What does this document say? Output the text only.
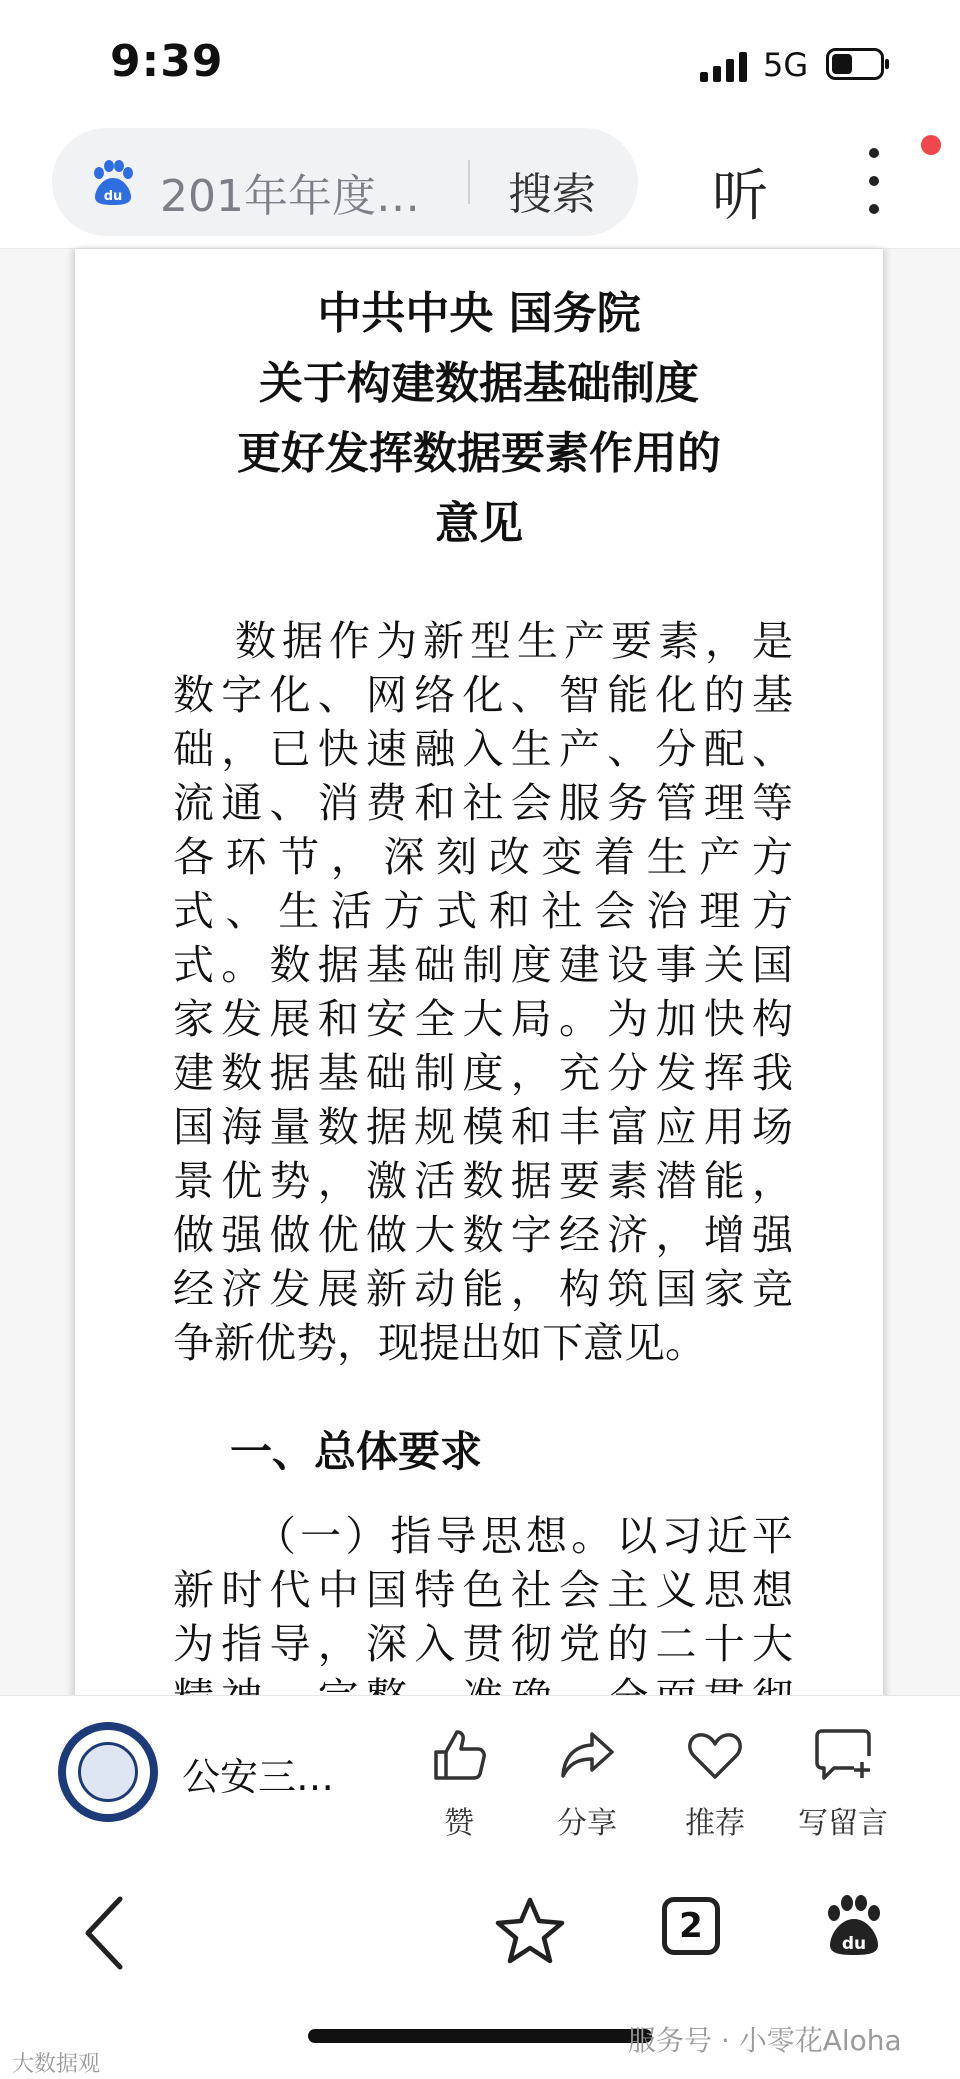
9:39	5G
du 201年年度… 搜索 听
中共中央 国务院
关于构建数据基础制度
更好发挥数据要素作用的
意见
数 据 作 为 新 型 生 产 要 素 ， 是
数 字 化 、 网 络 化 、 智 能 化 的 基
础 ， 已 快 速 融 入 生 产 、 分 配 、
流 通 、 消 费 和 社 会 服 务 管 理 等
各 环 节 ， 深 刻 改 变 着 生 产 方
式 、 生 活 方 式 和 社 会 治 理 方
式 。 数 据 基 础 制 度 建 设 事 关 国
家 发 展 和 安 全 大 局 。 为 加 快 构
建 数 据 基 础 制 度 ， 充 分 发 挥 我
国 海 量 数 据 规 模 和 丰 富 应 用 场
景 优 势 ， 激 活 数 据 要 素 潜 能 ，
做 强 做 优 做 大 数 字 经 济 ， 增 强
经 济 发 展 新 动 能 ， 构 筑 国 家 竞
争 新 优 势 ， 现 提 出 如 下 意 见 。
一、总体要求
（ 一 ） 指 导 思 想 。 以 习 近 平
新 时 代 中 国 特 色 社 会 主 义 思 想
为 指 导 ， 深 入 贯 彻 党 的 二 十 大
公安三…
赞	分享	推荐	写留言
2	du
大数据观
服务号 · 小零花Aloha
